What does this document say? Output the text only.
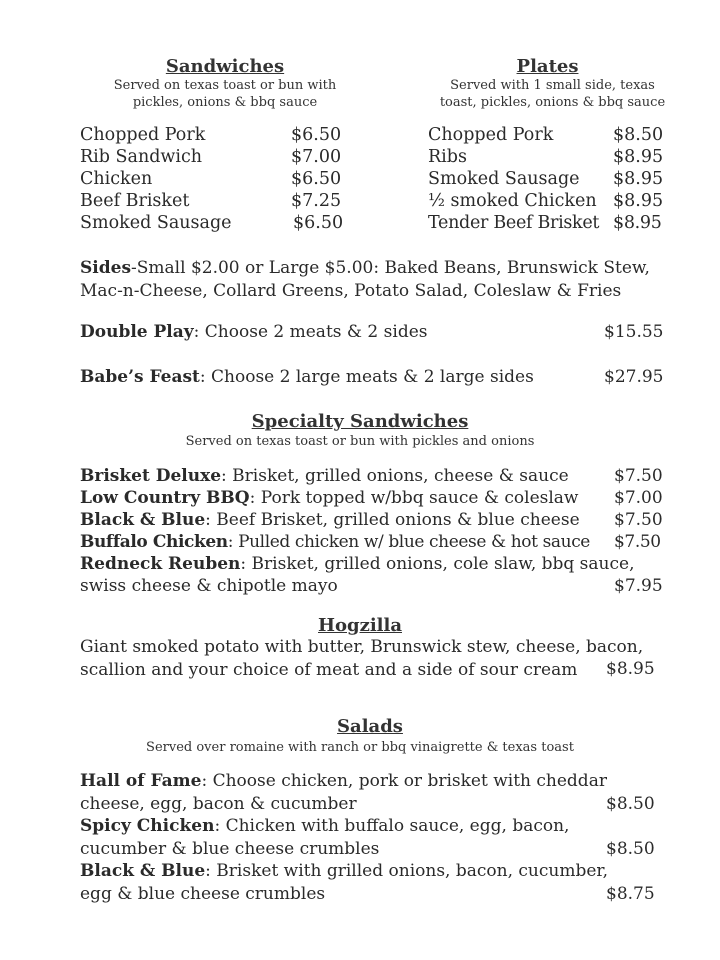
Sandwiches
Served on texas toast or bun with
pickles, onions & bbq sauce
Chopped Pork	$6.50
Rib Sandwich	$7.00
Chicken	$6.50
Beef Brisket	$7.25
Smoked Sausage	$6.50
Plates
Served with 1 small side, texas
toast, pickles, onions & bbq sauce
Chopped Pork	$8.50
Ribs	$8.95
Smoked Sausage $8.95
½ smoked Chicken $8.95
Tender Beef Brisket $8.95
Sides-Small $2.00 or Large $5.00: Baked Beans, Brunswick Stew,
Mac-n-Cheese, Collard Greens, Potato Salad, Coleslaw & Fries
Double Play: Choose 2 meats & 2 sides	$15.55
Babe’s Feast: Choose 2 large meats & 2 large sides	$27.95
Specialty Sandwiches
Served on texas toast or bun with pickles and onions
Brisket Deluxe: Brisket, grilled onions, cheese & sauce	$7.50
Low Country BBQ: Pork topped w/bbq sauce & coleslaw $7.00
Black & Blue: Beef Brisket, grilled onions & blue cheese $7.50
Buffalo Chicken: Pulled chicken w/ blue cheese & hot sauce $7.50
Redneck Reuben: Brisket, grilled onions, cole slaw, bbq sauce,
swiss cheese & chipotle mayo	$7.95
Hogzilla
Giant smoked potato with butter, Brunswick stew, cheese, bacon,
scallion and your choice of meat and a side of sour cream	$8.95
Salads
Served over romaine with ranch or bbq vinaigrette & texas toast
Hall of Fame: Choose chicken, pork or brisket with cheddar
cheese, egg, bacon & cucumber	$8.50
Spicy Chicken: Chicken with buffalo sauce, egg, bacon,
cucumber & blue cheese crumbles	$8.50
Black & Blue: Brisket with grilled onions, bacon, cucumber,
egg & blue cheese crumbles	$8.75
